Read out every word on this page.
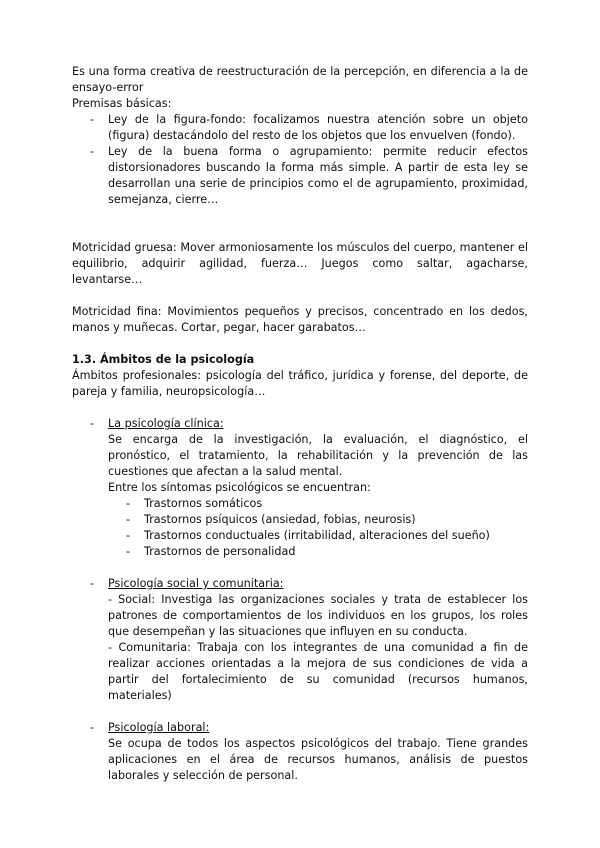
Es una forma creativa de reestructuración de la percepción, en diferencia a la de ensayo-error

Premisas básicas:

- Ley de la figura-fondo: focalizamos nuestra atención sobre un objeto (figura) destacándolo del resto de los objetos que los envuelven (fondo).
- Ley de la buena forma o agrupamiento: permite reducir efectos distorsionadores buscando la forma más simple. A partir de esta ley se desarrollan una serie de principios como el de agrupamiento, proximidad, semejanza, cierre…

Motricidad gruesa: Mover armoniosamente los músculos del cuerpo, mantener el equilibrio, adquirir agilidad, fuerza… Juegos como saltar, agacharse, levantarse…

Motricidad fina: Movimientos pequeños y precisos, concentrado en los dedos, manos y muñecas. Cortar, pegar, hacer garabatos…

1.3. Ámbitos de la psicología

Ámbitos profesionales: psicología del tráfico, jurídica y forense, del deporte, de pareja y familia, neuropsicología…

- La psicología clínica:

Se encarga de la investigación, la evaluación, el diagnóstico, el pronóstico, el tratamiento, la rehabilitación y la prevención de las cuestiones que afectan a la salud mental.

Entre los síntomas psicológicos se encuentran:

- Trastornos somáticos
- Trastornos psíquicos (ansiedad, fobias, neurosis)
- Trastornos conductuales (irritabilidad, alteraciones del sueño)
- Trastornos de personalidad
- Psicología social y comunitaria:

- Social: Investiga las organizaciones sociales y trata de establecer los patrones de comportamientos de los individuos en los grupos, los roles que desempeñan y las situaciones que influyen en su conducta.

- Comunitaria: Trabaja con los integrantes de una comunidad a fin de realizar acciones orientadas a la mejora de sus condiciones de vida a partir del fortalecimiento de su comunidad (recursos humanos, materiales)

- Psicología laboral:

Se ocupa de todos los aspectos psicológicos del trabajo. Tiene grandes aplicaciones en el área de recursos humanos, análisis de puestos laborales y selección de personal.
